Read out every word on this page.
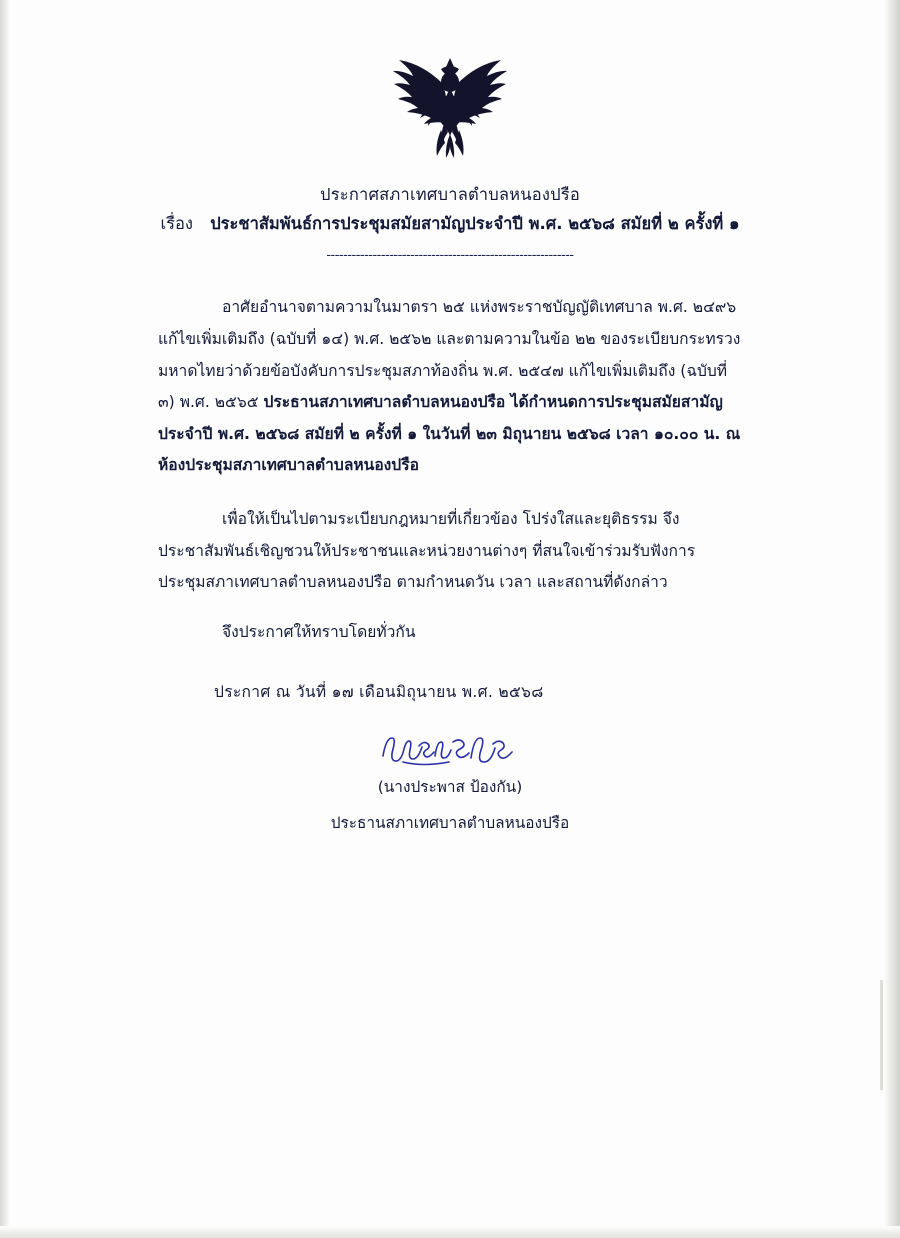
ประกาศสภาเทศบาลตำบลหนองปรือ
เรื่อง ประชาสัมพันธ์การประชุมสมัยสามัญประจำปี พ.ศ. ๒๕๖๘ สมัยที่ ๒ ครั้งที่ ๑
-----------------------------------------------------------
อาศัยอำนาจตามความในมาตรา ๒๕ แห่งพระราชบัญญัติเทศบาล พ.ศ. ๒๔๙๖ แก้ไขเพิ่มเติมถึง (ฉบับที่ ๑๔) พ.ศ. ๒๕๖๒ และตามความในข้อ ๒๒ ของระเบียบกระทรวงมหาดไทยว่าด้วยข้อบังคับการประชุมสภาท้องถิ่น พ.ศ. ๒๕๔๗ แก้ไขเพิ่มเติมถึง (ฉบับที่ ๓) พ.ศ. ๒๕๖๕ ประธานสภาเทศบาลตำบลหนองปรือ ได้กำหนดการประชุมสมัยสามัญประจำปี พ.ศ. ๒๕๖๘ สมัยที่ ๒ ครั้งที่ ๑ ในวันที่ ๒๓ มิถุนายน ๒๕๖๘ เวลา ๑๐.๐๐ น. ณ ห้องประชุมสภาเทศบาลตำบลหนองปรือ
เพื่อให้เป็นไปตามระเบียบกฎหมายที่เกี่ยวข้อง โปร่งใสและยุติธรรม จึงประชาสัมพันธ์เชิญชวนให้ประชาชนและหน่วยงานต่างๆ ที่สนใจเข้าร่วมรับฟังการประชุมสภาเทศบาลตำบลหนองปรือ ตามกำหนดวัน เวลา และสถานที่ดังกล่าว
จึงประกาศให้ทราบโดยทั่วกัน
ประกาศ ณ วันที่ ๑๗ เดือนมิถุนายน พ.ศ. ๒๕๖๘
(นางประพาส ป้องกัน)
ประธานสภาเทศบาลตำบลหนองปรือ
